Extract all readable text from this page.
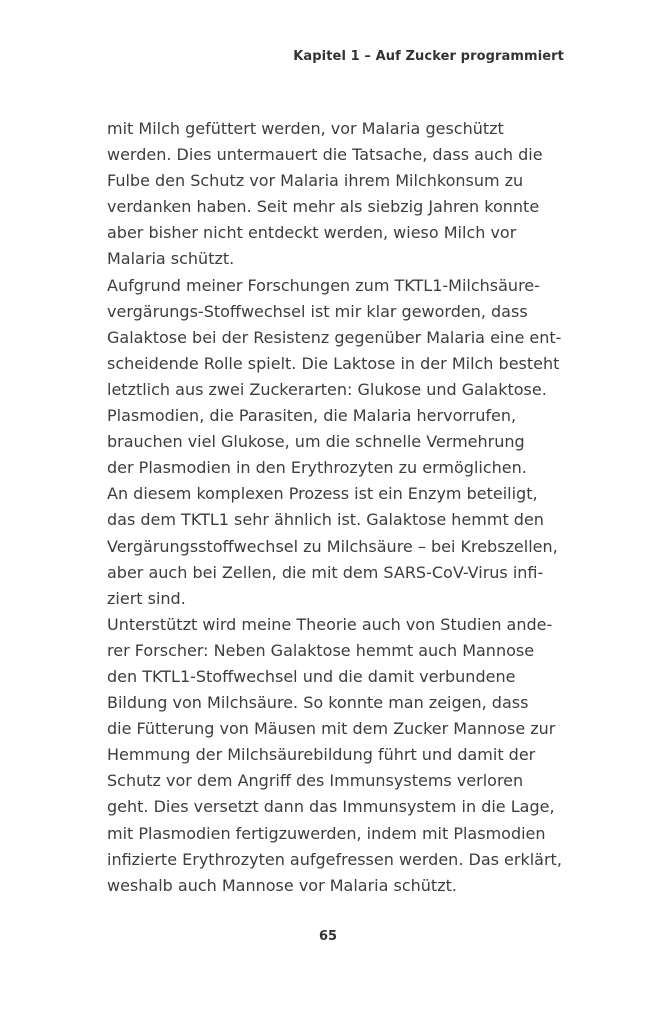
Kapitel 1 – Auf Zucker programmiert
mit Milch gefüttert werden, vor Malaria geschützt
werden. Dies untermauert die Tatsache, dass auch die
Fulbe den Schutz vor Malaria ihrem Milchkonsum zu
verdanken haben. Seit mehr als siebzig Jahren konnte
aber bisher nicht entdeckt werden, wieso Milch vor
Malaria schützt.
Aufgrund meiner Forschungen zum TKTL1-Milchsäure-
vergärungs-Stoffwechsel ist mir klar geworden, dass
Galaktose bei der Resistenz gegenüber Malaria eine ent-
scheidende Rolle spielt. Die Laktose in der Milch besteht
letztlich aus zwei Zuckerarten: Glukose und Galaktose.
Plasmodien, die Parasiten, die Malaria hervorrufen,
brauchen viel Glukose, um die schnelle Vermehrung
der Plasmodien in den Erythrozyten zu ermöglichen.
An diesem komplexen Prozess ist ein Enzym beteiligt,
das dem TKTL1 sehr ähnlich ist. Galaktose hemmt den
Vergärungsstoffwechsel zu Milchsäure – bei Krebszellen,
aber auch bei Zellen, die mit dem SARS-CoV-Virus infi-
ziert sind.
Unterstützt wird meine Theorie auch von Studien ande-
rer Forscher: Neben Galaktose hemmt auch Mannose
den TKTL1-Stoffwechsel und die damit verbundene
Bildung von Milchsäure. So konnte man zeigen, dass
die Fütterung von Mäusen mit dem Zucker Mannose zur
Hemmung der Milchsäurebildung führt und damit der
Schutz vor dem Angriff des Immunsystems verloren
geht. Dies versetzt dann das Immunsystem in die Lage,
mit Plasmodien fertigzuwerden, indem mit Plasmodien
infizierte Erythrozyten aufgefressen werden. Das erklärt,
weshalb auch Mannose vor Malaria schützt.
65
